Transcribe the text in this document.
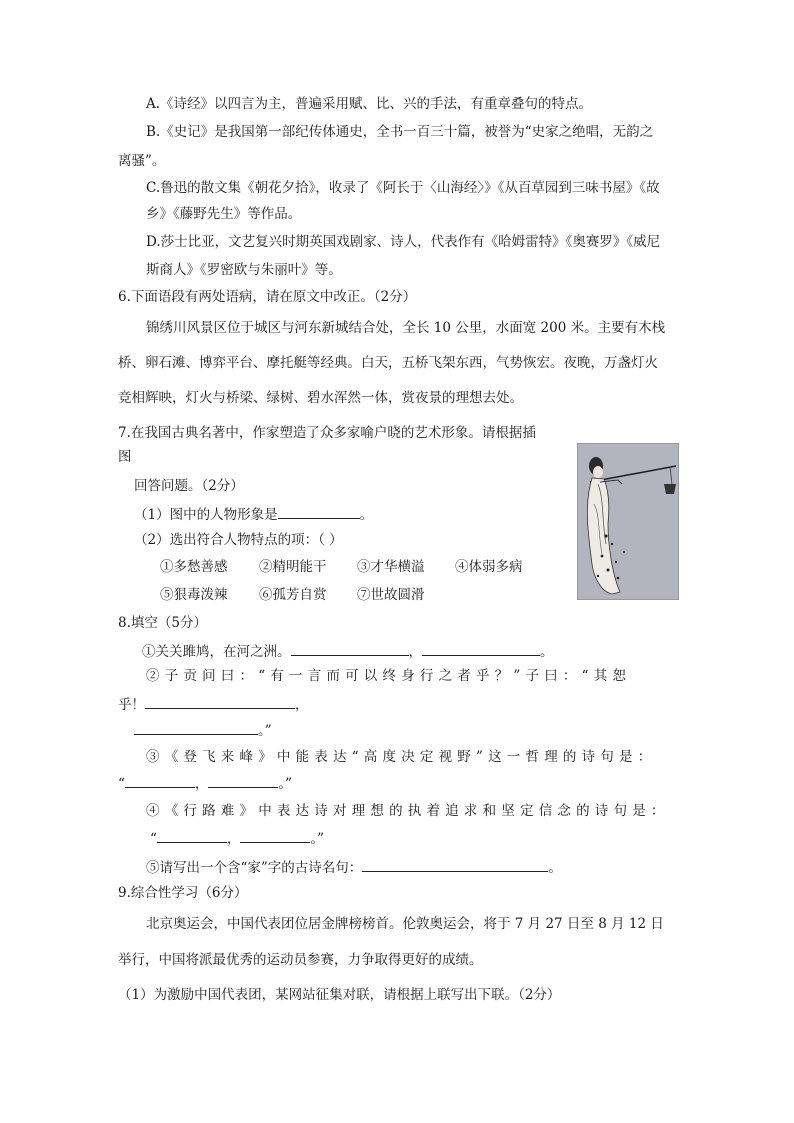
A.《诗经》以四言为主，普遍采用赋、比、兴的手法，有重章叠句的特点。
B.《史记》是我国第一部纪传体通史，全书一百三十篇，被誉为“史家之绝唱，无韵之
离骚”。
C.鲁迅的散文集《朝花夕拾》，收录了《阿长于〈山海经〉》《从百草园到三味书屋》《故
乡》《藤野先生》等作品。
D.莎士比亚，文艺复兴时期英国戏剧家、诗人，代表作有《哈姆雷特》《奥赛罗》《威尼
斯商人》《罗密欧与朱丽叶》等。
6.下面语段有两处语病，请在原文中改正。（2分）
锦绣川风景区位于城区与河东新城结合处，全长 10 公里，水面宽 200 米。主要有木栈
桥、卵石滩、博弈平台、摩托艇等经典。白天，五桥飞架东西，气势恢宏。夜晚，万盏灯火
竞相辉映，灯火与桥梁、绿树、碧水浑然一体，赏夜景的理想去处。
7.在我国古典名著中，作家塑造了众多家喻户晓的艺术形象。请根据插
图
回答问题。（2分）
（1）图中的人物形象是	。
（2）选出符合人物特点的项：（ ）
①多愁善感 ②精明能干 ③才华横溢 ④体弱多病
⑤狠毒泼辣 ⑥孤芳自赏 ⑦世故圆滑
8.填空（5分）
①关关雎鸠，在河之洲。	，	。
②子贡问曰：“有一言而可以终身行之者乎？”子曰：“其恕
乎！	，
。”
③《登飞来峰》中能表达“高度决定视野”这一哲理的诗句是：
“	，	。”
④《行路难》中表达诗对理想的执着追求和坚定信念的诗句是：
“	，	。”
⑤请写出一个含“家”字的古诗名句：	。
9.综合性学习（6分）
北京奥运会，中国代表团位居金牌榜榜首。伦敦奥运会，将于 7 月 27 日至 8 月 12 日
举行，中国将派最优秀的运动员参赛，力争取得更好的成绩。
（1）为激励中国代表团，某网站征集对联，请根据上联写出下联。（2分）
